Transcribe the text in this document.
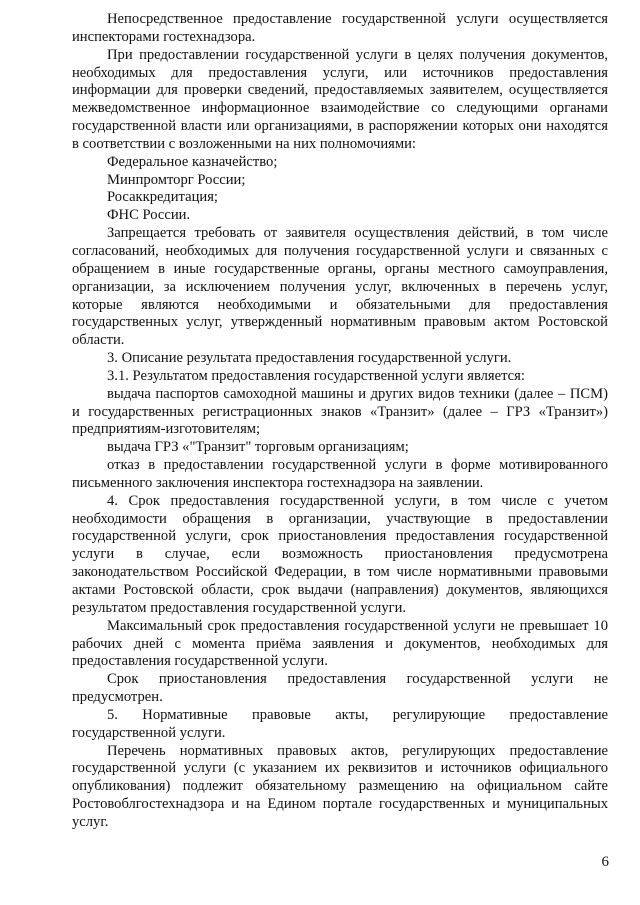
Непосредственное предоставление государственной услуги осуществляется инспекторами гостехнадзора.

При предоставлении государственной услуги в целях получения документов, необходимых для предоставления услуги, или источников предоставления информации для проверки сведений, предоставляемых заявителем, осуществляется межведомственное информационное взаимодействие со следующими органами государственной власти или организациями, в распоряжении которых они находятся в соответствии с возложенными на них полномочиями:

Федеральное казначейство;

Минпромторг России;

Росаккредитация;

ФНС России.

Запрещается требовать от заявителя осуществления действий, в том числе согласований, необходимых для получения государственной услуги и связанных с обращением в иные государственные органы, органы местного самоуправления, организации, за исключением получения услуг, включенных в перечень услуг, которые являются необходимыми и обязательными для предоставления государственных услуг, утвержденный нормативным правовым актом Ростовской области.

3. Описание результата предоставления государственной услуги.

3.1. Результатом предоставления государственной услуги является:

выдача паспортов самоходной машины и других видов техники (далее – ПСМ) и государственных регистрационных знаков «Транзит» (далее – ГРЗ «Транзит») предприятиям-изготовителям;

выдача ГРЗ «"Транзит" торговым организациям;

отказ в предоставлении государственной услуги в форме мотивированного письменного заключения инспектора гостехнадзора на заявлении.

4. Срок предоставления государственной услуги, в том числе с учетом необходимости обращения в организации, участвующие в предоставлении государственной услуги, срок приостановления предоставления государственной услуги в случае, если возможность приостановления предусмотрена законодательством Российской Федерации, в том числе нормативными правовыми актами Ростовской области, срок выдачи (направления) документов, являющихся результатом предоставления государственной услуги.

Максимальный срок предоставления государственной услуги не превышает 10 рабочих дней с момента приёма заявления и документов, необходимых для предоставления государственной услуги.

Срок приостановления предоставления государственной услуги не предусмотрен.

5. Нормативные правовые акты, регулирующие предоставление государственной услуги.

Перечень нормативных правовых актов, регулирующих предоставление государственной услуги (с указанием их реквизитов и источников официального опубликования) подлежит обязательному размещению на официальном сайте Ростовоблгостехнадзора и на Едином портале государственных и муниципальных услуг.

6
